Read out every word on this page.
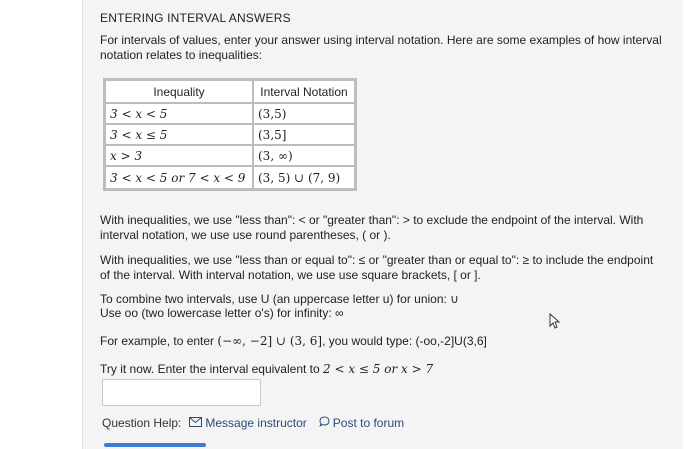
ENTERING INTERVAL ANSWERS
For intervals of values, enter your answer using interval notation. Here are some examples of how interval notation relates to inequalities:
Inequality	Interval Notation
3 < x < 5	(3,5)
3 < x ≤ 5	(3,5]
x > 3	(3, ∞)
3 < x < 5 or 7 < x < 9	(3, 5) ∪ (7, 9)
With inequalities, we use "less than": < or "greater than": > to exclude the endpoint of the interval. With interval notation, we use use round parentheses, ( or ).
With inequalities, we use "less than or equal to": ≤ or "greater than or equal to": ≥ to include the endpoint of the interval. With interval notation, we use use square brackets, [ or ].
To combine two intervals, use U (an uppercase letter u) for union: ∪
Use oo (two lowercase letter o's) for infinity: ∞
For example, to enter (−∞, −2] ∪ (3, 6], you would type: (-oo,-2]U(3,6]
Try it now. Enter the interval equivalent to 2 < x ≤ 5 or x > 7
Question Help: Message instructor Post to forum
